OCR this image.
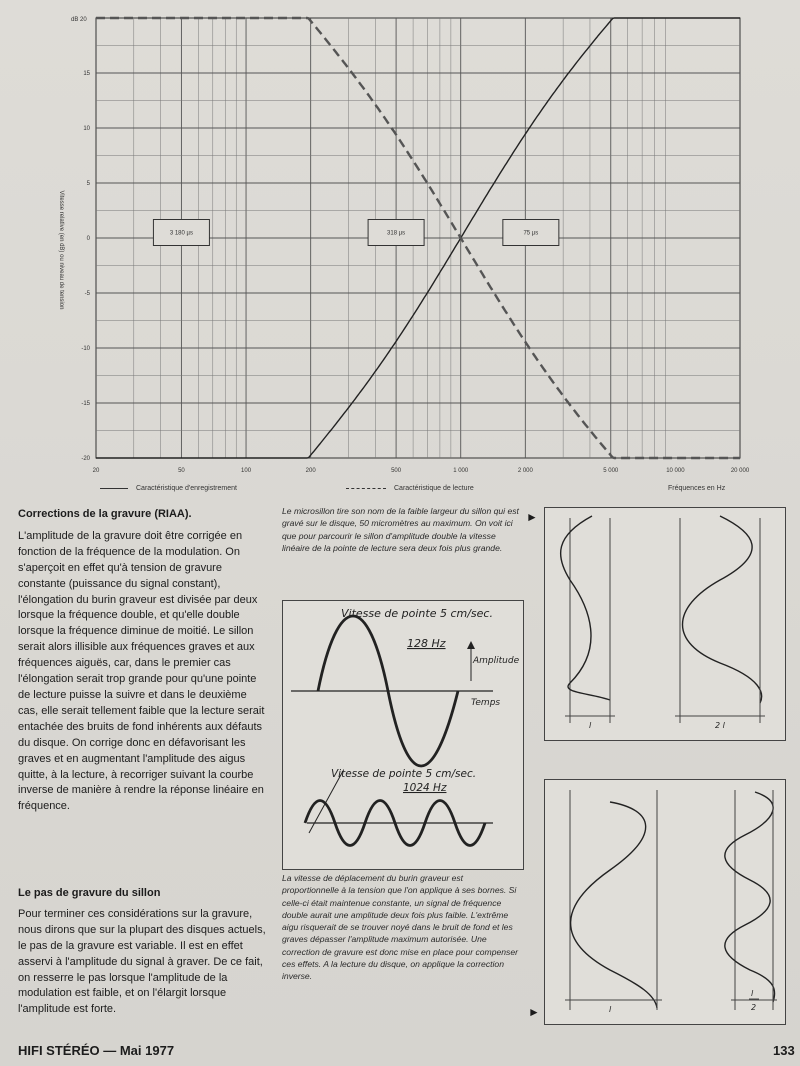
15
10
5
0
-5
-10
-15
-20
20	50	100	200	500	1 000	2 000	5 000	10 000	20 000
dB 20
Vitesse relative (en dB) ou niveau de tension	3 180 µs	318 µs	75 µs
Caractéristique d'enregistrement	Caractéristique de lecture	Fréquences en Hz
Corrections de la gravure (RIAA).
L'amplitude de la gravure doit être corrigée en fonction de la fréquence de la modulation. On s'aperçoit en effet qu'à tension de gravure constante (puissance du signal constant), l'élongation du burin graveur est divisée par deux lorsque la fréquence double, et qu'elle double lorsque la fréquence diminue de moitié. Le sillon serait alors illisible aux fréquences graves et aux fréquences aiguës, car, dans le premier cas l'élongation serait trop grande pour qu'une pointe de lecture puisse la suivre et dans le deuxième cas, elle serait tellement faible que la lecture serait entachée des bruits de fond inhérents aux défauts du disque. On corrige donc en défavorisant les graves et en augmentant l'amplitude des aigus quitte, à la lecture, à recorriger suivant la courbe inverse de manière à rendre la réponse linéaire en fréquence.
Le pas de gravure du sillon
Pour terminer ces considérations sur la gravure, nous dirons que sur la plupart des disques actuels, le pas de la gravure est variable. Il est en effet asservi à l'amplitude du signal à graver. De ce fait, on resserre le pas lorsque l'amplitude de la modulation est faible, et on l'élargit lorsque l'amplitude est forte.
Le microsillon tire son nom de la faible largeur du sillon qui est gravé sur le disque, 50 micromètres au maximum. On voit ici que pour parcourir le sillon d'amplitude double la vitesse linéaire de la pointe de lecture sera deux fois plus grande.
►
Vitesse de pointe 5 cm/sec.
128 Hz
Amplitude
Temps
Vitesse de pointe 5 cm/sec.
1024 Hz
La vitesse de déplacement du burin graveur est proportionnelle à la tension que l'on applique à ses bornes. Si celle-ci était maintenue constante, un signal de fréquence double aurait une amplitude deux fois plus faible. L'extrême aigu risquerait de se trouver noyé dans le bruit de fond et les graves dépasser l'amplitude maximum autorisée. Une correction de gravure est donc mise en place pour compenser ces effets. A la lecture du disque, on applique la correction inverse.
►
l	2 l
l
l
2
HIFI STÉRÉO — Mai 1977	133
